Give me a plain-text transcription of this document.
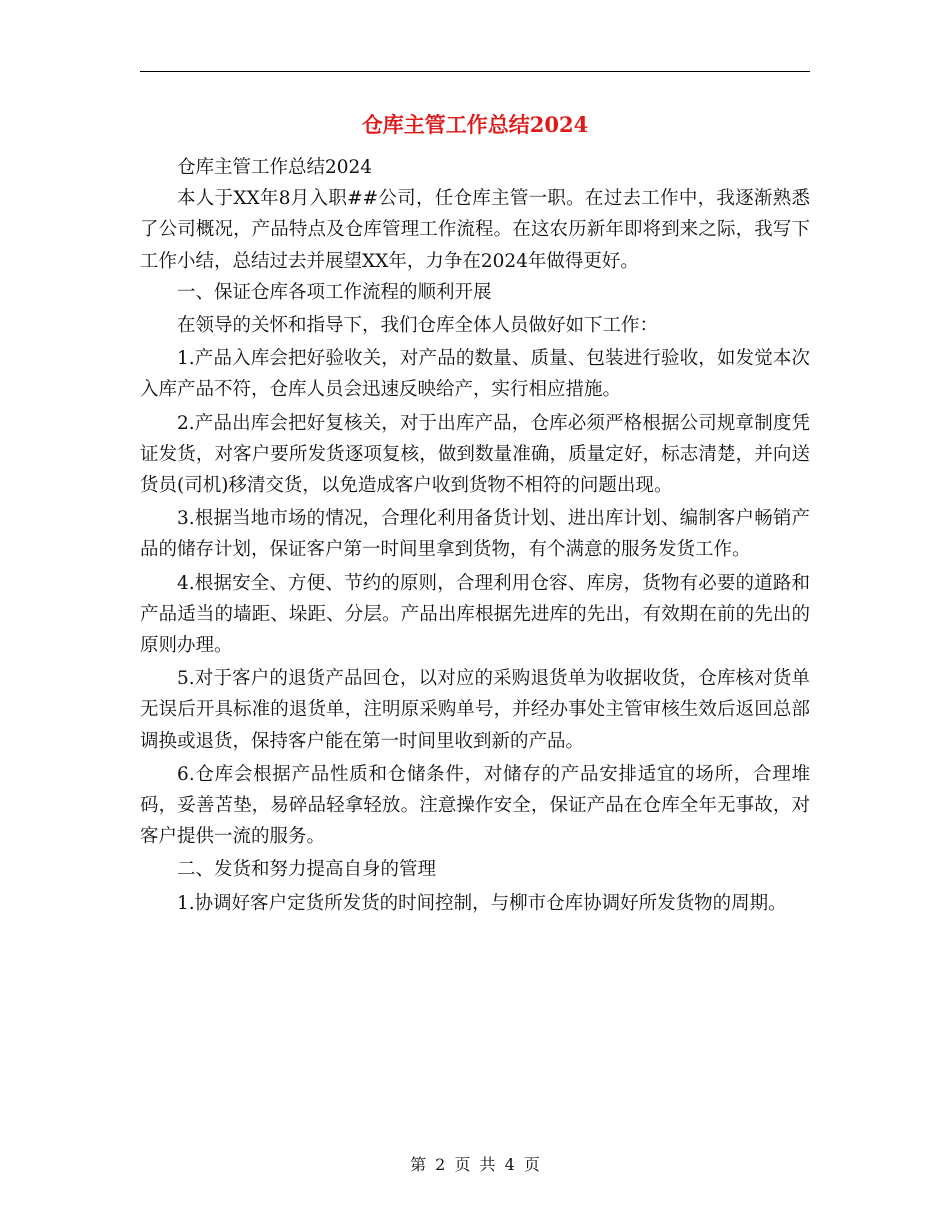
仓库主管工作总结2024

仓库主管工作总结2024

本人于XX年8月入职##公司，任仓库主管一职。在过去工作中，我逐渐熟悉了公司概况，产品特点及仓库管理工作流程。在这农历新年即将到来之际，我写下工作小结，总结过去并展望XX年，力争在2024年做得更好。

一、保证仓库各项工作流程的顺利开展

在领导的关怀和指导下，我们仓库全体人员做好如下工作：

1.产品入库会把好验收关，对产品的数量、质量、包装进行验收，如发觉本次入库产品不符，仓库人员会迅速反映给产，实行相应措施。

2.产品出库会把好复核关，对于出库产品，仓库必须严格根据公司规章制度凭证发货，对客户要所发货逐项复核，做到数量准确，质量定好，标志清楚，并向送货员(司机)移清交货，以免造成客户收到货物不相符的问题出现。

3.根据当地市场的情况，合理化利用备货计划、进出库计划、编制客户畅销产品的储存计划，保证客户第一时间里拿到货物，有个满意的服务发货工作。

4.根据安全、方便、节约的原则，合理利用仓容、库房，货物有必要的道路和产品适当的墙距、垛距、分层。产品出库根据先进库的先出，有效期在前的先出的原则办理。

5.对于客户的退货产品回仓，以对应的采购退货单为收据收货，仓库核对货单无误后开具标准的退货单，注明原采购单号，并经办事处主管审核生效后返回总部调换或退货，保持客户能在第一时间里收到新的产品。

6.仓库会根据产品性质和仓储条件，对储存的产品安排适宜的场所，合理堆码，妥善苫垫，易碎品轻拿轻放。注意操作安全，保证产品在仓库全年无事故，对客户提供一流的服务。

二、发货和努力提高自身的管理

1.协调好客户定货所发货的时间控制，与柳市仓库协调好所发货物的周期。

第 2 页 共 4 页
